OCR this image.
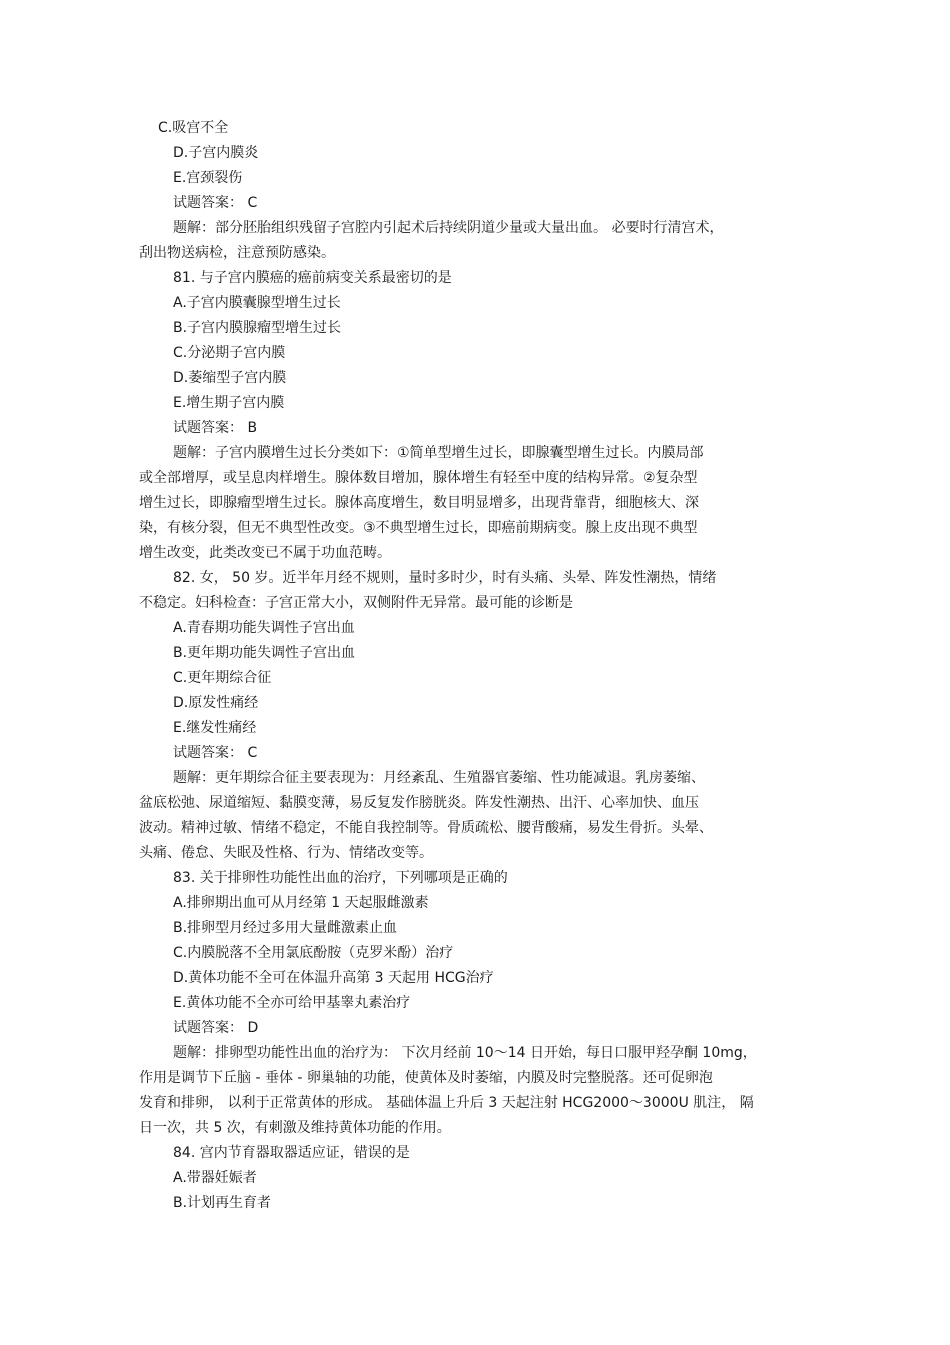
C.吸宫不全
D.子宫内膜炎
E.宫颈裂伤
试题答案： C
题解：部分胚胎组织残留子宫腔内引起术后持续阴道少量或大量出血。 必要时行清宫术，
刮出物送病检，注意预防感染。
81. 与子宫内膜癌的癌前病变关系最密切的是
A.子宫内膜囊腺型增生过长
B.子宫内膜腺瘤型增生过长
C.分泌期子宫内膜
D.萎缩型子宫内膜
E.增生期子宫内膜
试题答案： B
题解：子宫内膜增生过长分类如下：①简单型增生过长，即腺囊型增生过长。内膜局部
或全部增厚，或呈息肉样增生。腺体数目增加，腺体增生有轻至中度的结构异常。②复杂型
增生过长，即腺瘤型增生过长。腺体高度增生，数目明显增多，出现背靠背，细胞核大、深
染，有核分裂，但无不典型性改变。③不典型增生过长，即癌前期病变。腺上皮出现不典型
增生改变，此类改变已不属于功血范畴。
82. 女， 50 岁。近半年月经不规则，量时多时少，时有头痛、头晕、阵发性潮热，情绪
不稳定。妇科检查：子宫正常大小，双侧附件无异常。最可能的诊断是
A.青春期功能失调性子宫出血
B.更年期功能失调性子宫出血
C.更年期综合征
D.原发性痛经
E.继发性痛经
试题答案： C
题解：更年期综合征主要表现为：月经紊乱、生殖器官萎缩、性功能减退。乳房萎缩、
盆底松弛、尿道缩短、黏膜变薄，易反复发作膀胱炎。阵发性潮热、出汗、心率加快、血压
波动。精神过敏、情绪不稳定，不能自我控制等。骨质疏松、腰背酸痛，易发生骨折。头晕、
头痛、倦怠、失眠及性格、行为、情绪改变等。
83. 关于排卵性功能性出血的治疗，下列哪项是正确的
A.排卵期出血可从月经第 1 天起服雌激素
B.排卵型月经过多用大量雌激素止血
C.内膜脱落不全用氯底酚胺（克罗米酚）治疗
D.黄体功能不全可在体温升高第 3 天起用 HCG治疗
E.黄体功能不全亦可给甲基睾丸素治疗
试题答案： D
题解：排卵型功能性出血的治疗为： 下次月经前 10～14 日开始，每日口服甲羟孕酮 10mg，
作用是调节下丘脑 - 垂体 - 卵巢轴的功能，使黄体及时萎缩，内膜及时完整脱落。还可促卵泡
发育和排卵， 以利于正常黄体的形成。 基础体温上升后 3 天起注射 HCG2000～3000U 肌注， 隔
日一次，共 5 次，有刺激及维持黄体功能的作用。
84. 宫内节育器取器适应证，错误的是
A.带器妊娠者
B.计划再生育者
